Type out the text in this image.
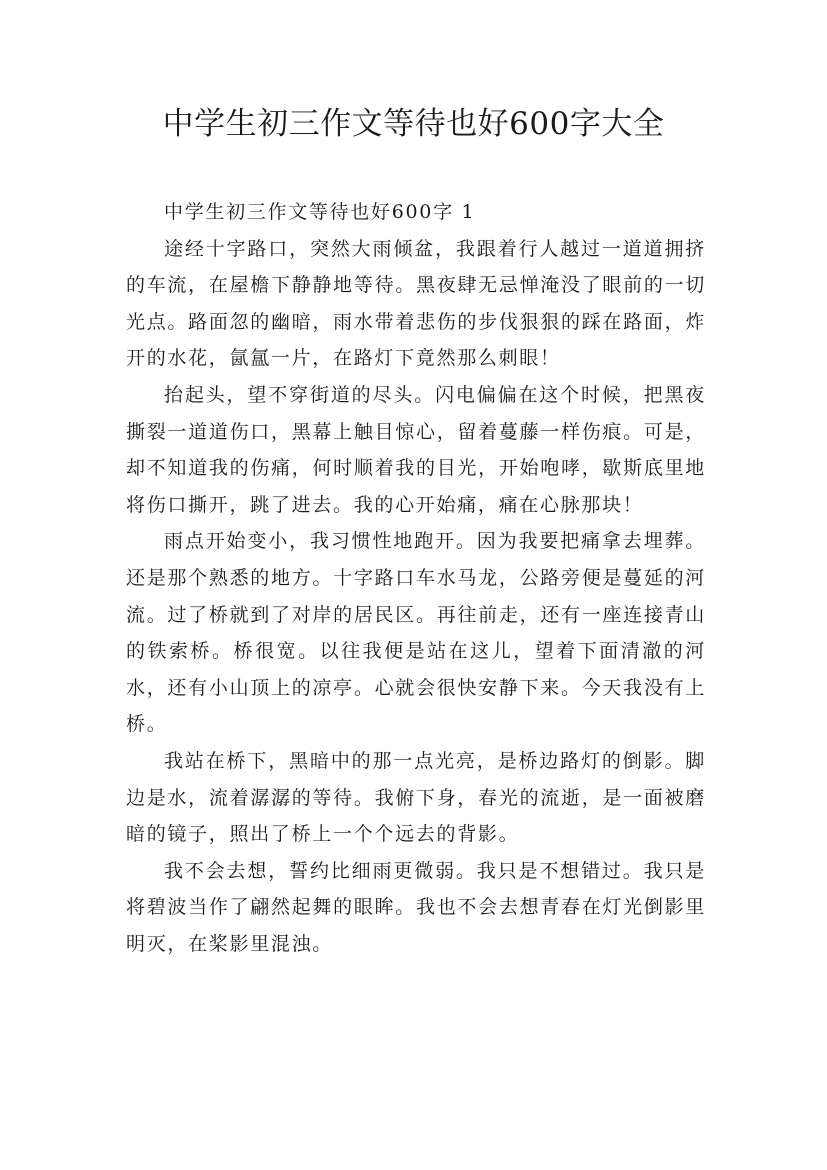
中学生初三作文等待也好600字大全

中学生初三作文等待也好600字 1

途经十字路口，突然大雨倾盆，我跟着行人越过一道道拥挤的车流，在屋檐下静静地等待。黑夜肆无忌惮淹没了眼前的一切光点。路面忽的幽暗，雨水带着悲伤的步伐狠狠的踩在路面，炸开的水花，氤氲一片，在路灯下竟然那么刺眼！

抬起头，望不穿街道的尽头。闪电偏偏在这个时候，把黑夜撕裂一道道伤口，黑幕上触目惊心，留着蔓藤一样伤痕。可是，却不知道我的伤痛，何时顺着我的目光，开始咆哮，歇斯底里地将伤口撕开，跳了进去。我的心开始痛，痛在心脉那块！

雨点开始变小，我习惯性地跑开。因为我要把痛拿去埋葬。还是那个熟悉的地方。十字路口车水马龙，公路旁便是蔓延的河流。过了桥就到了对岸的居民区。再往前走，还有一座连接青山的铁索桥。桥很宽。以往我便是站在这儿，望着下面清澈的河水，还有小山顶上的凉亭。心就会很快安静下来。今天我没有上桥。

我站在桥下，黑暗中的那一点光亮，是桥边路灯的倒影。脚边是水，流着潺潺的等待。我俯下身，春光的流逝，是一面被磨暗的镜子，照出了桥上一个个远去的背影。

我不会去想，誓约比细雨更微弱。我只是不想错过。我只是将碧波当作了翩然起舞的眼眸。我也不会去想青春在灯光倒影里明灭，在桨影里混浊。
